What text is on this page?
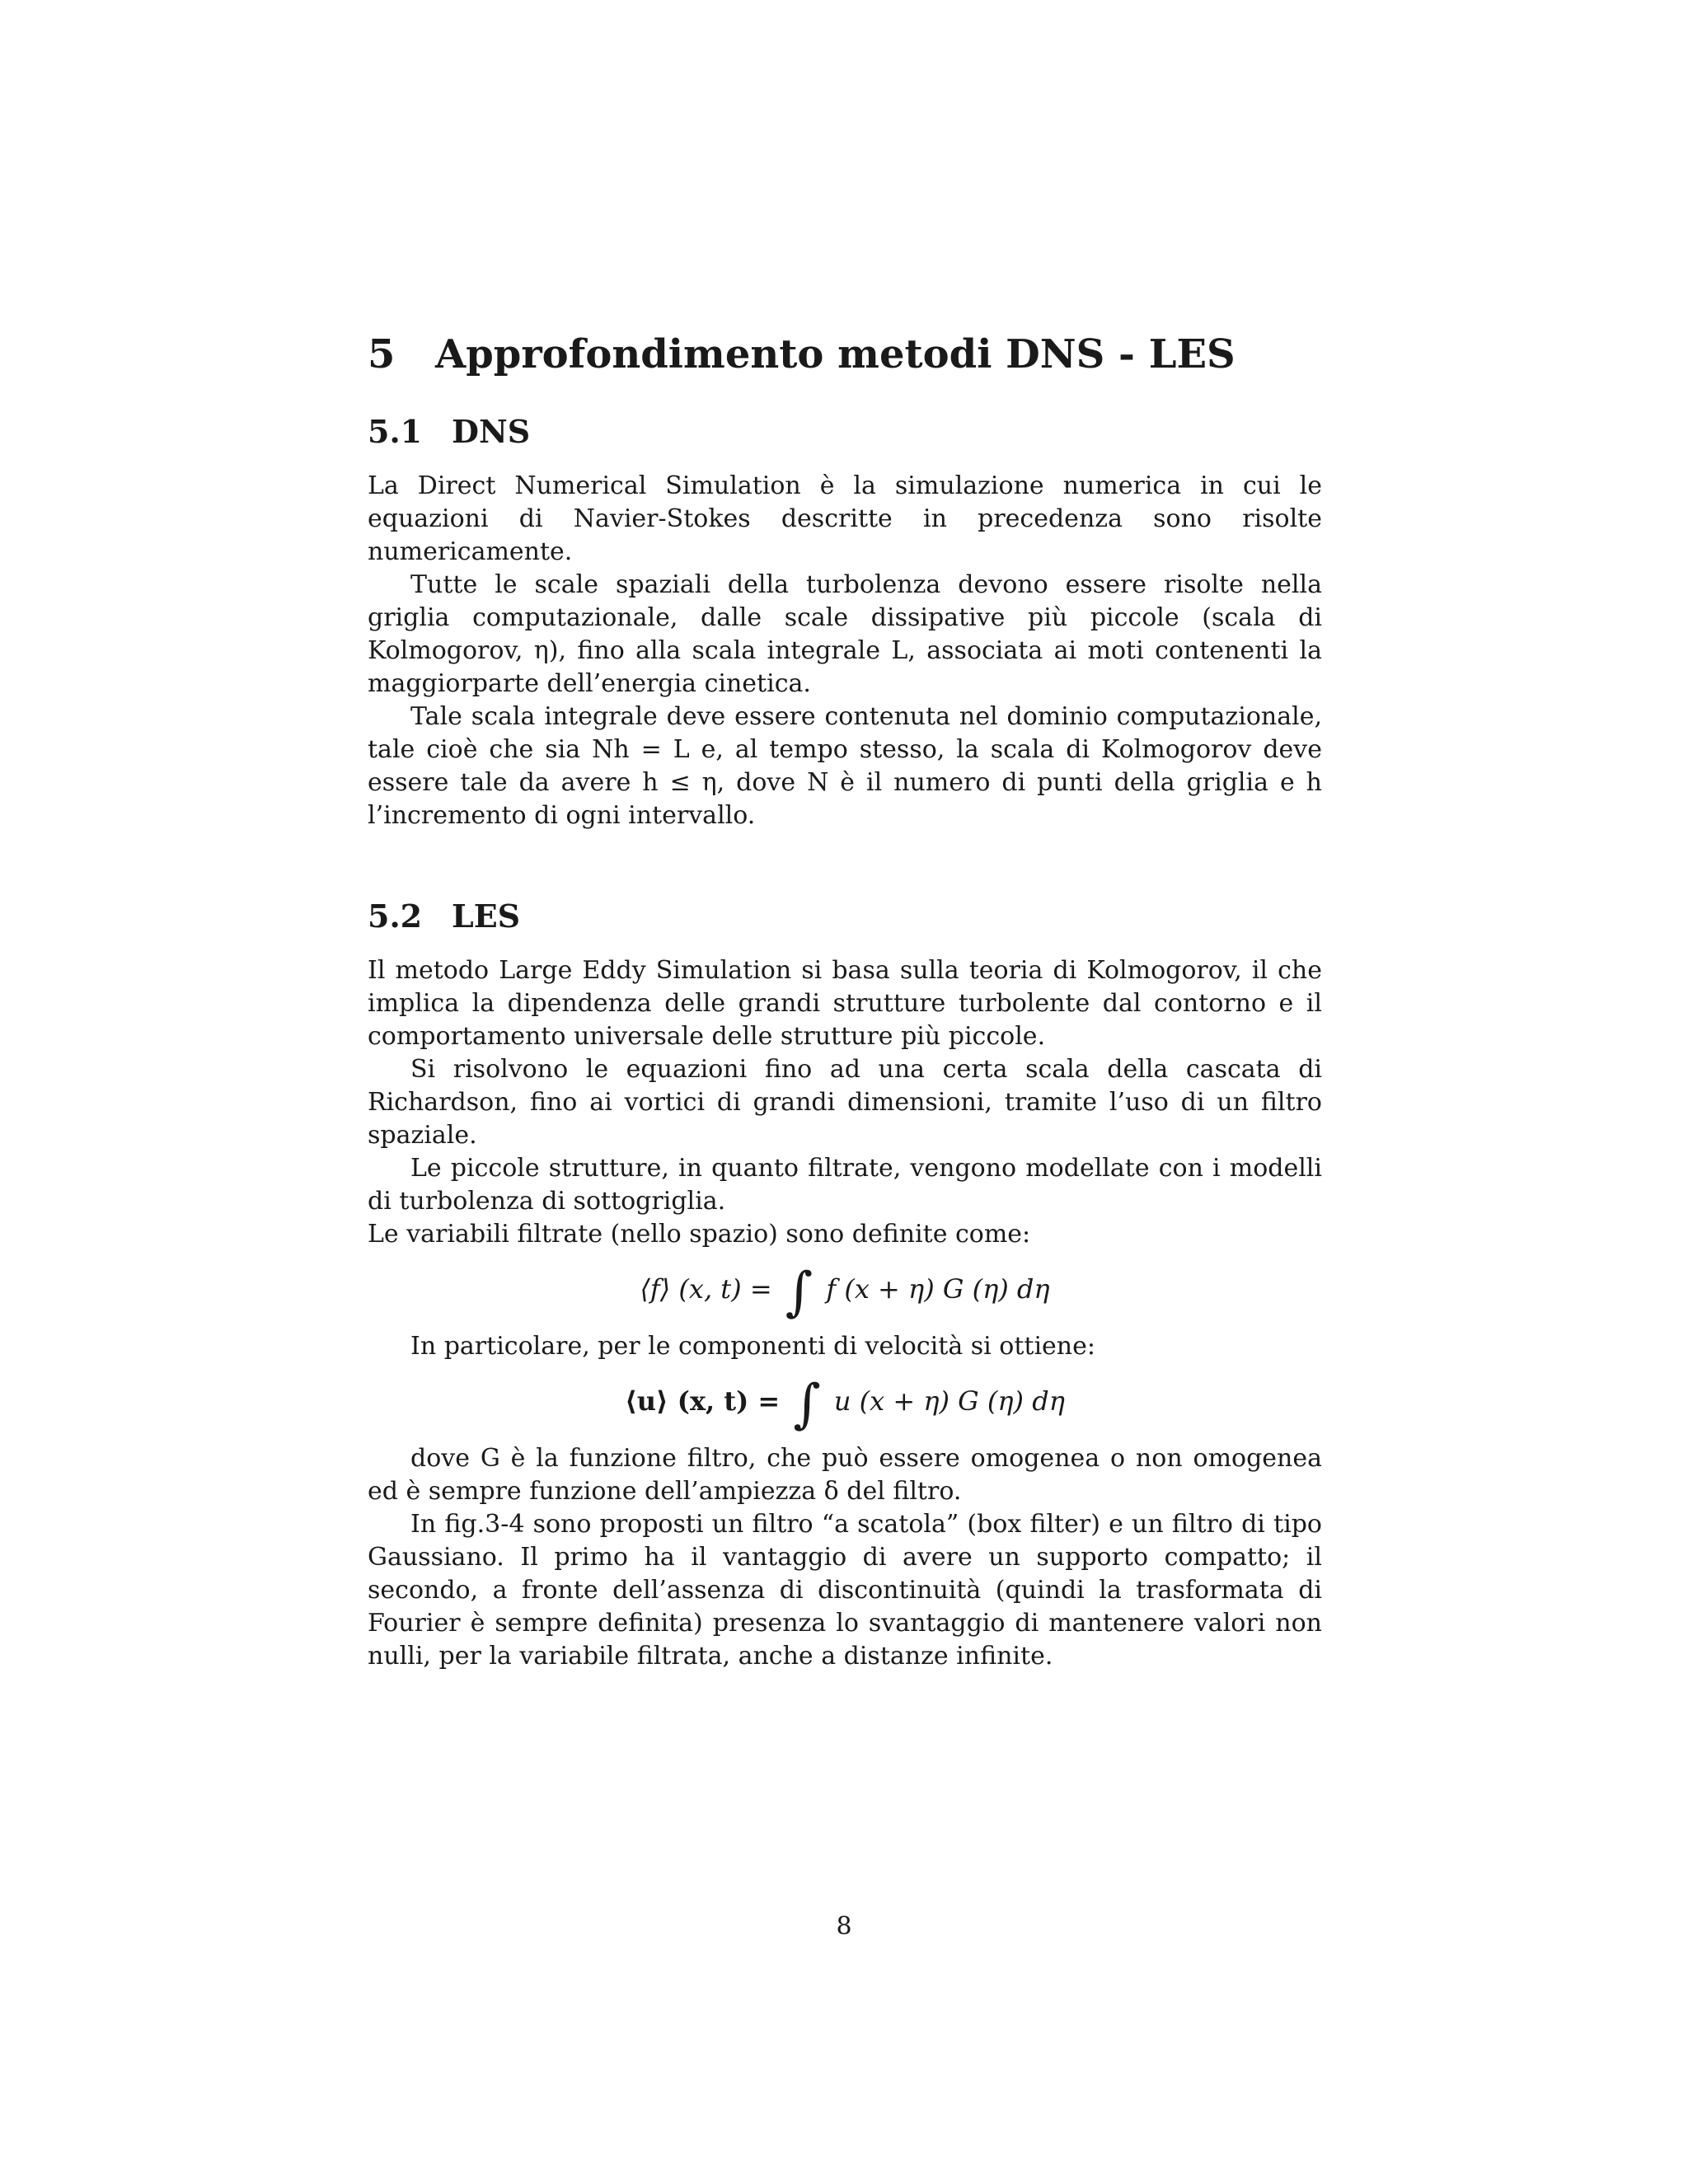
5 Approfondimento metodi DNS - LES
5.1 DNS

La Direct Numerical Simulation è la simulazione numerica in cui le equazioni di Navier-Stokes descritte in precedenza sono risolte numericamente.

Tutte le scale spaziali della turbolenza devono essere risolte nella griglia computazionale, dalle scale dissipative più piccole (scala di Kolmogorov, η), fino alla scala integrale L, associata ai moti contenenti la maggiorparte dell’energia cinetica.

Tale scala integrale deve essere contenuta nel dominio computazionale, tale cioè che sia Nh = L e, al tempo stesso, la scala di Kolmogorov deve essere tale da avere h ≤ η, dove N è il numero di punti della griglia e h l’incremento di ogni intervallo.

5.2 LES

Il metodo Large Eddy Simulation si basa sulla teoria di Kolmogorov, il che implica la dipendenza delle grandi strutture turbolente dal contorno e il comportamento universale delle strutture più piccole.

Si risolvono le equazioni fino ad una certa scala della cascata di Richardson, fino ai vortici di grandi dimensioni, tramite l’uso di un filtro spaziale.

Le piccole strutture, in quanto filtrate, vengono modellate con i modelli di turbolenza di sottogriglia.

Le variabili filtrate (nello spazio) sono definite come:

⟨f⟩ (x, t) = ∫ f (x + η) G (η) dη

In particolare, per le componenti di velocità si ottiene:

⟨u⟩ (x, t) = ∫ u (x + η) G (η) dη

dove G è la funzione filtro, che può essere omogenea o non omogenea ed è sempre funzione dell’ampiezza δ del filtro.

In fig.3-4 sono proposti un filtro “a scatola” (box filter) e un filtro di tipo Gaussiano. Il primo ha il vantaggio di avere un supporto compatto; il secondo, a fronte dell’assenza di discontinuità (quindi la trasformata di Fourier è sempre definita) presenza lo svantaggio di mantenere valori non nulli, per la variabile filtrata, anche a distanze infinite.

8
